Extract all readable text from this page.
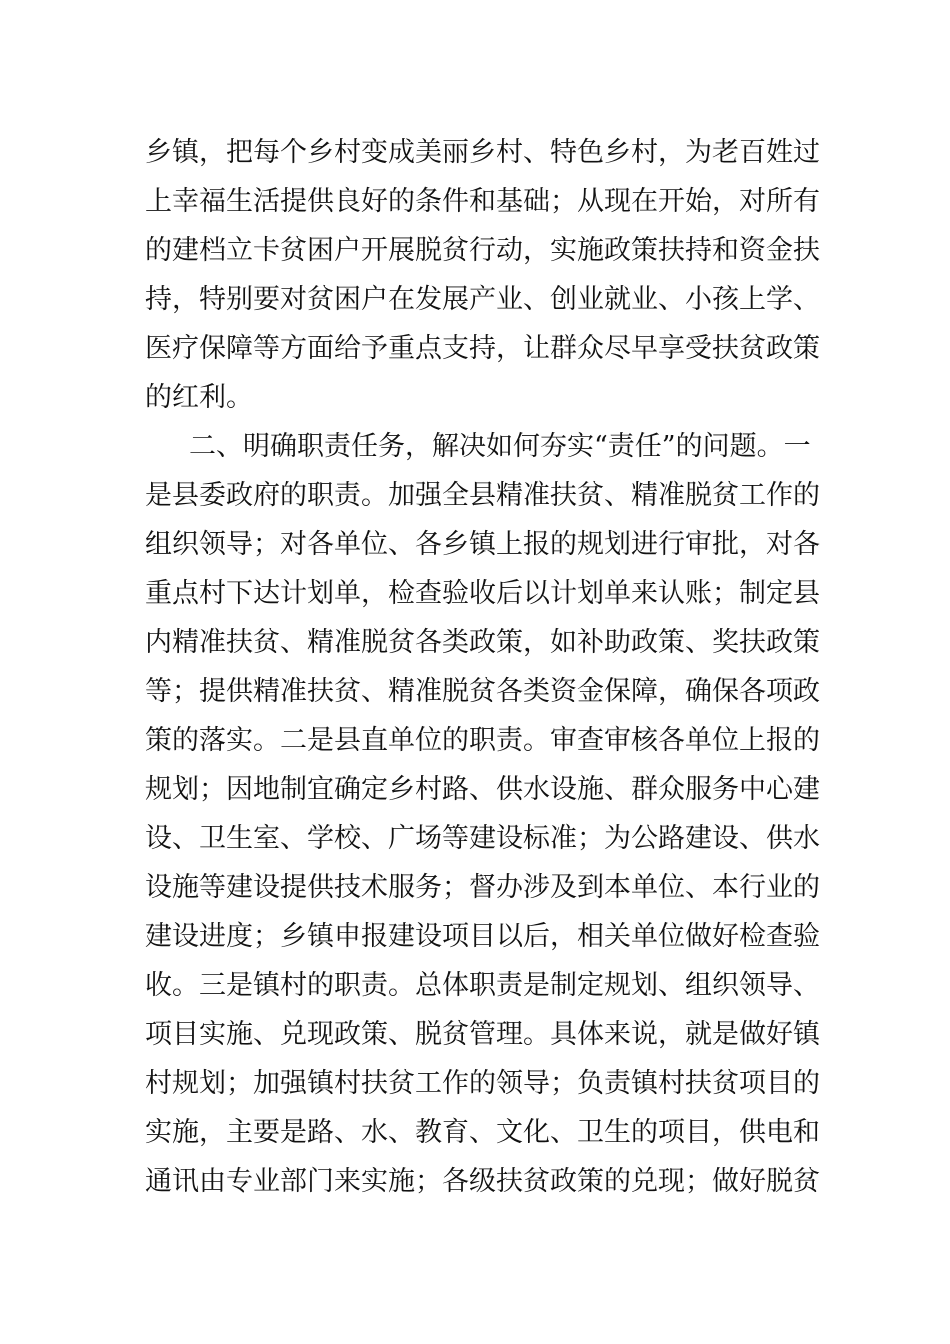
乡镇，把每个乡村变成美丽乡村、特色乡村，为老百姓过
上幸福生活提供良好的条件和基础；从现在开始，对所有
的建档立卡贫困户开展脱贫行动，实施政策扶持和资金扶
持，特别要对贫困户在发展产业、创业就业、小孩上学、
医疗保障等方面给予重点支持，让群众尽早享受扶贫政策
的红利。
二、明确职责任务，解决如何夯实“责任”的问题。一
是县委政府的职责。加强全县精准扶贫、精准脱贫工作的
组织领导；对各单位、各乡镇上报的规划进行审批，对各
重点村下达计划单，检查验收后以计划单来认账；制定县
内精准扶贫、精准脱贫各类政策，如补助政策、奖扶政策
等；提供精准扶贫、精准脱贫各类资金保障，确保各项政
策的落实。二是县直单位的职责。审查审核各单位上报的
规划；因地制宜确定乡村路、供水设施、群众服务中心建
设、卫生室、学校、广场等建设标准；为公路建设、供水
设施等建设提供技术服务；督办涉及到本单位、本行业的
建设进度；乡镇申报建设项目以后，相关单位做好检查验
收。三是镇村的职责。总体职责是制定规划、组织领导、
项目实施、兑现政策、脱贫管理。具体来说，就是做好镇
村规划；加强镇村扶贫工作的领导；负责镇村扶贫项目的
实施，主要是路、水、教育、文化、卫生的项目，供电和
通讯由专业部门来实施；各级扶贫政策的兑现；做好脱贫
